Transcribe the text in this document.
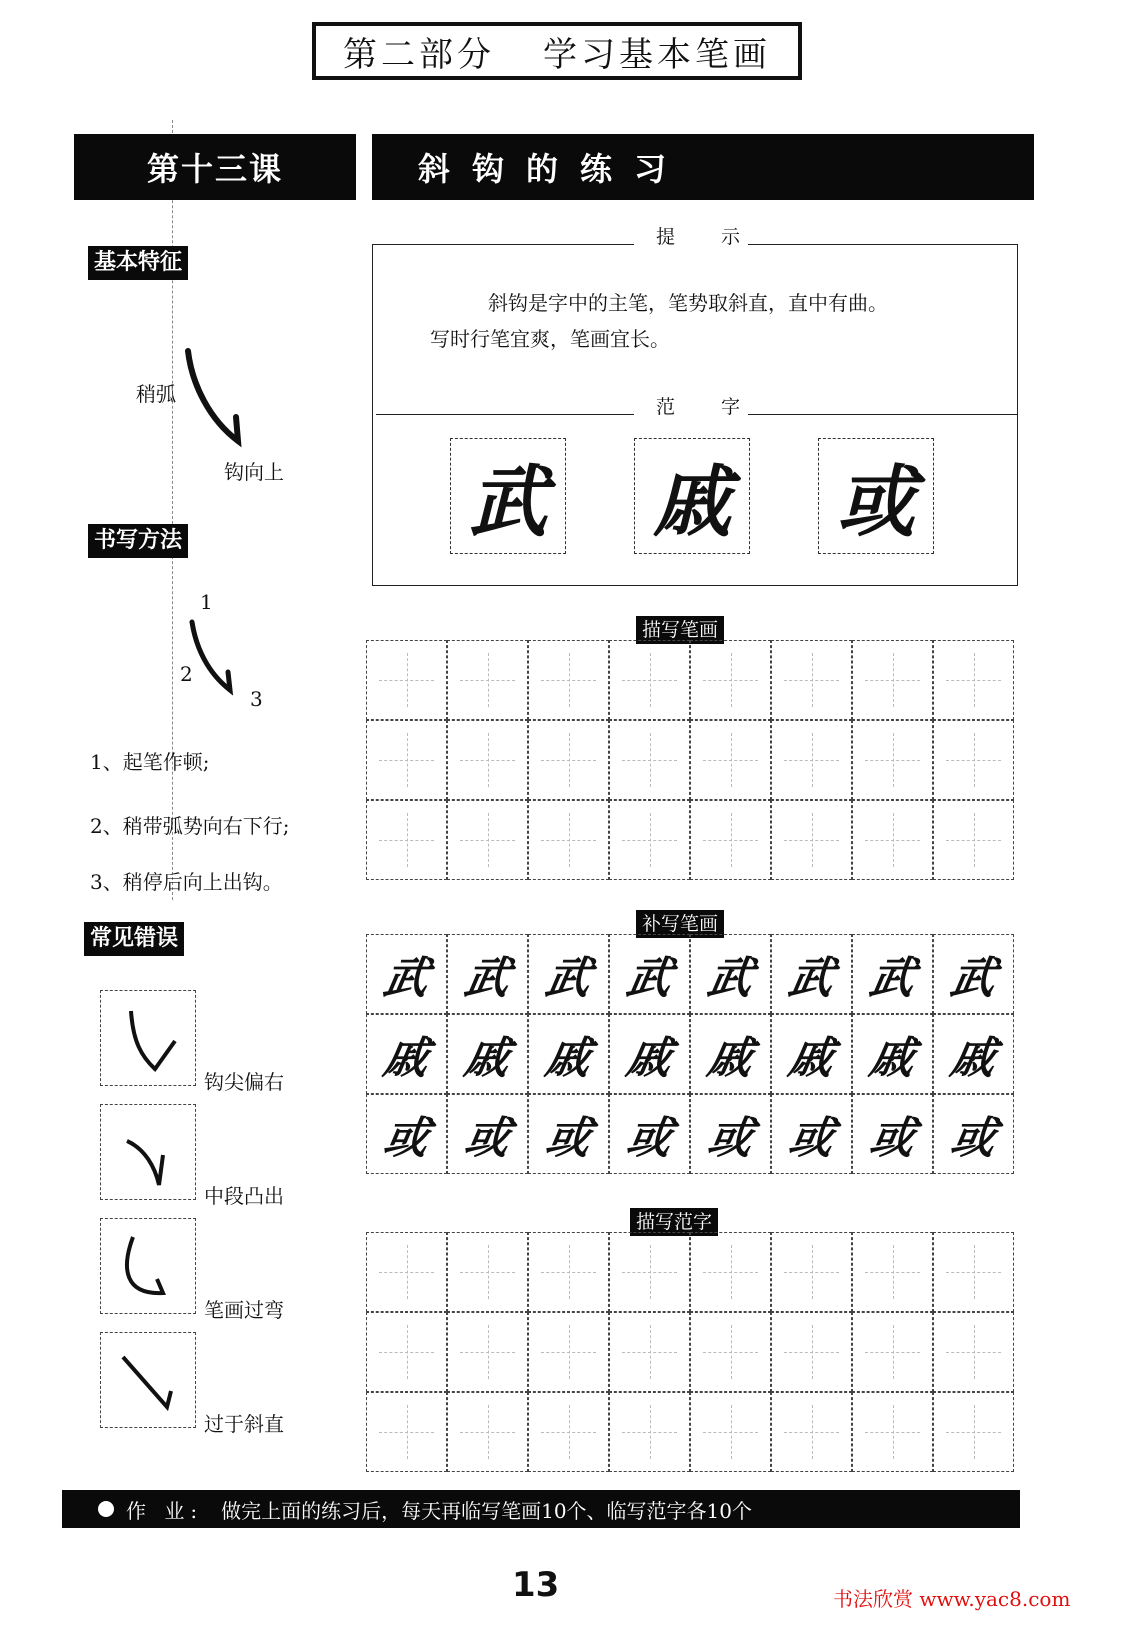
第二部分 学习基本笔画
第十三课	斜钩的练习
基本特征
稍弧
钩向上
书写方法
1
2
3
1、起笔作顿;
2、稍带弧势向右下行;
3、稍停后向上出钩。
常见错误
钩尖偏右
中段凸出
笔画过弯
过于斜直
提 示

斜钩是字中的主笔，笔势取斜直，直中有曲。

写时行笔宜爽，笔画宜长。

范 字
武 戚 或
描写笔画
补写笔画
武 武 武 武 武 武 武 武
戚 戚 戚 戚 戚 戚 戚 戚
或 或 或 或 或 或 或 或
描写范字
作 业: 做完上面的练习后，每天再临写笔画10个、临写范字各10个
13	书法欣赏 www.yac8.com
